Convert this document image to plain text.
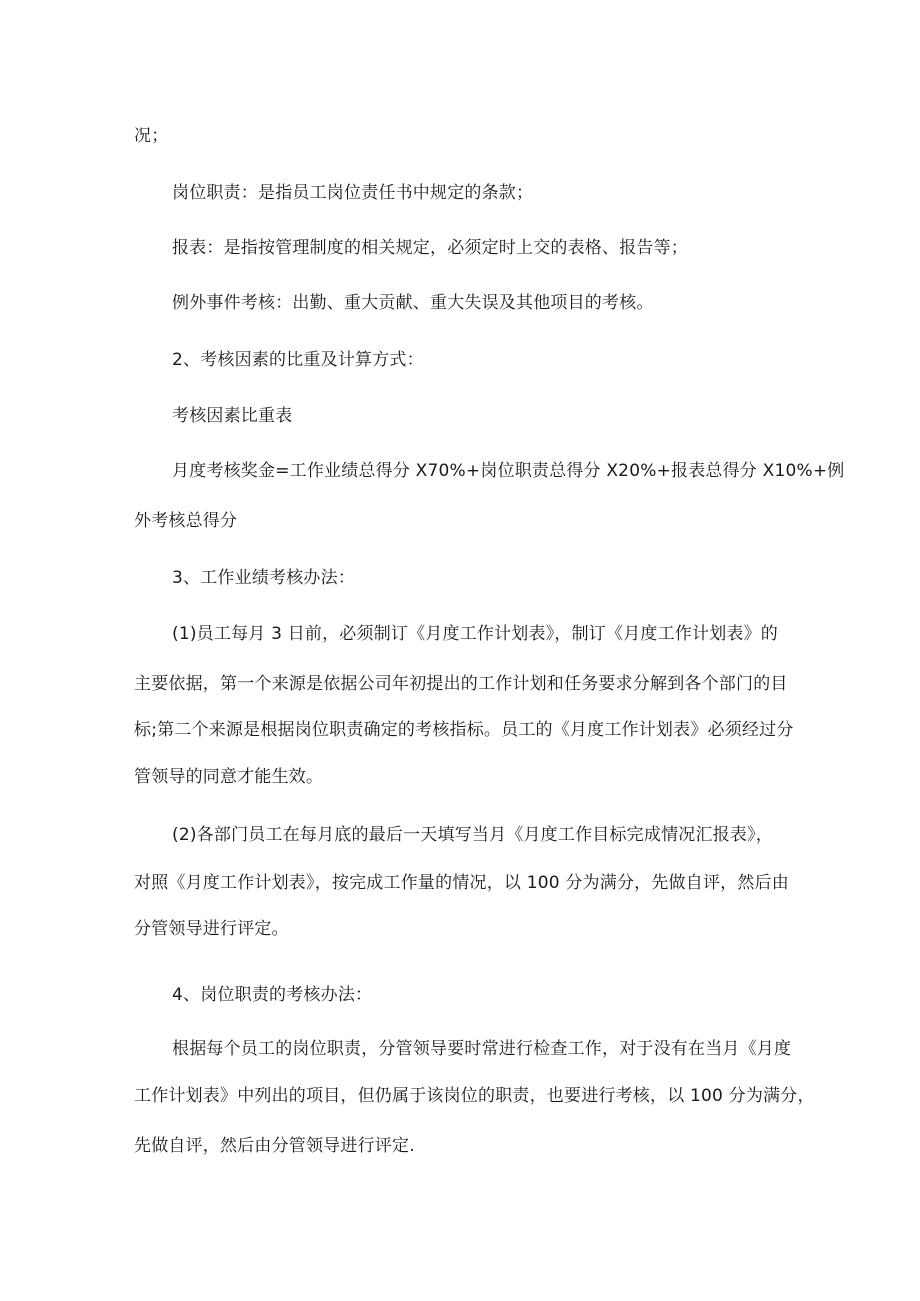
况；
岗位职责：是指员工岗位责任书中规定的条款；
报表：是指按管理制度的相关规定，必须定时上交的表格、报告等；
例外事件考核：出勤、重大贡献、重大失误及其他项目的考核。
2、考核因素的比重及计算方式：
考核因素比重表
月度考核奖金=工作业绩总得分 X70%+岗位职责总得分 X20%+报表总得分 X10%+例
外考核总得分
3、工作业绩考核办法：
(1)员工每月 3 日前，必须制订《月度工作计划表》，制订《月度工作计划表》的
主要依据，第一个来源是依据公司年初提出的工作计划和任务要求分解到各个部门的目
标;第二个来源是根据岗位职责确定的考核指标。员工的《月度工作计划表》必须经过分
管领导的同意才能生效。
(2)各部门员工在每月底的最后一天填写当月《月度工作目标完成情况汇报表》，
对照《月度工作计划表》，按完成工作量的情况，以 100 分为满分，先做自评，然后由
分管领导进行评定。
4、岗位职责的考核办法：
根据每个员工的岗位职责，分管领导要时常进行检查工作，对于没有在当月《月度
工作计划表》中列出的项目，但仍属于该岗位的职责，也要进行考核，以 100 分为满分，
先做自评，然后由分管领导进行评定.
